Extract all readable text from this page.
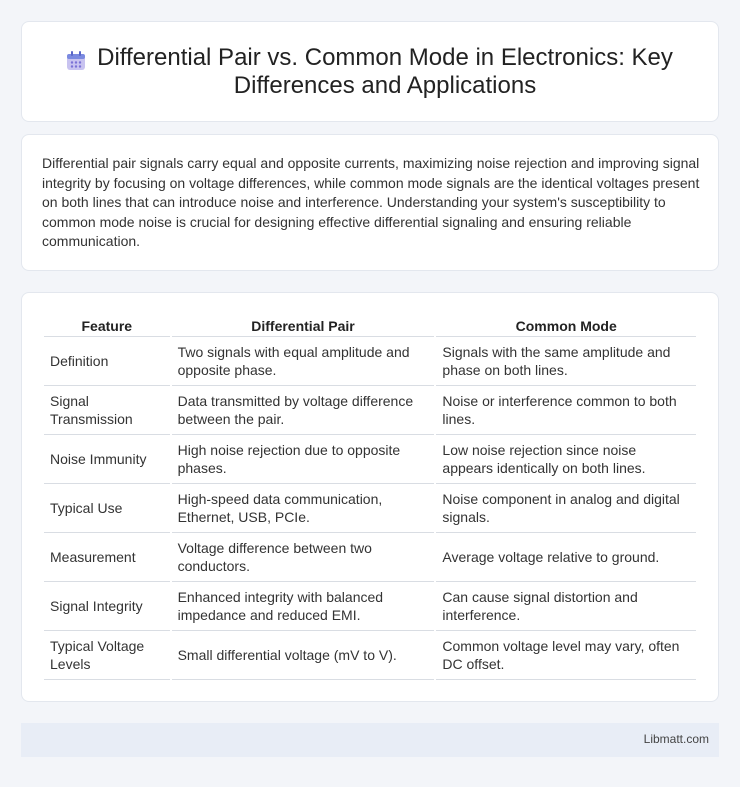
Differential Pair vs. Common Mode in Electronics: Key Differences and Applications

Differential pair signals carry equal and opposite currents, maximizing noise rejection and improving signal integrity by focusing on voltage differences, while common mode signals are the identical voltages present on both lines that can introduce noise and interference. Understanding your system's susceptibility to common mode noise is crucial for designing effective differential signaling and ensuring reliable communication.

Feature	Differential Pair	Common Mode
Definition	Two signals with equal amplitude and opposite phase.	Signals with the same amplitude and phase on both lines.
Signal Transmission	Data transmitted by voltage difference between the pair.	Noise or interference common to both lines.
Noise Immunity	High noise rejection due to opposite phases.	Low noise rejection since noise appears identically on both lines.
Typical Use	High-speed data communication, Ethernet, USB, PCIe.	Noise component in analog and digital signals.
Measurement	Voltage difference between two conductors.	Average voltage relative to ground.
Signal Integrity	Enhanced integrity with balanced impedance and reduced EMI.	Can cause signal distortion and interference.
Typical Voltage Levels	Small differential voltage (mV to V).	Common voltage level may vary, often DC offset.
Libmatt.com
